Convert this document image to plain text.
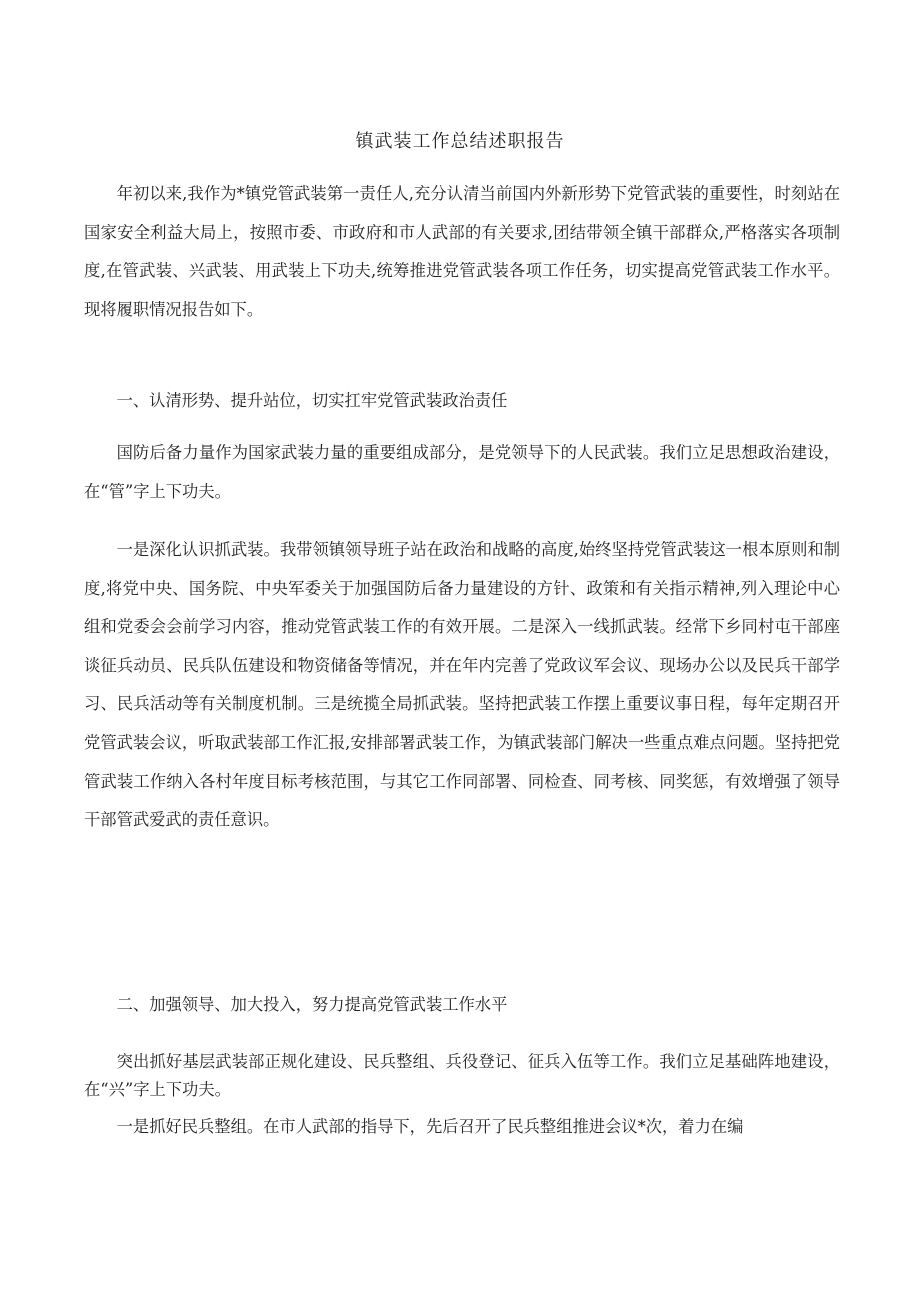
镇武装工作总结述职报告

年初以来,我作为*镇党管武装第一责任人,充分认清当前国内外新形势下党管武装的重要性，时刻站在国家安全利益大局上，按照市委、市政府和市人武部的有关要求,团结带领全镇干部群众,严格落实各项制度,在管武装、兴武装、用武装上下功夫,统筹推进党管武装各项工作任务，切实提高党管武装工作水平。现将履职情况报告如下。

一、认清形势、提升站位，切实扛牢党管武装政治责任

国防后备力量作为国家武装力量的重要组成部分，是党领导下的人民武装。我们立足思想政治建设，在“管”字上下功夫。

一是深化认识抓武装。我带领镇领导班子站在政治和战略的高度,始终坚持党管武装这一根本原则和制度,将党中央、国务院、中央军委关于加强国防后备力量建设的方针、政策和有关指示精神,列入理论中心组和党委会会前学习内容，推动党管武装工作的有效开展。二是深入一线抓武装。经常下乡同村屯干部座谈征兵动员、民兵队伍建设和物资储备等情况，并在年内完善了党政议军会议、现场办公以及民兵干部学习、民兵活动等有关制度机制。三是统揽全局抓武装。坚持把武装工作摆上重要议事日程，每年定期召开党管武装会议，听取武装部工作汇报,安排部署武装工作，为镇武装部门解决一些重点难点问题。坚持把党管武装工作纳入各村年度目标考核范围，与其它工作同部署、同检查、同考核、同奖惩，有效增强了领导干部管武爱武的责任意识。

二、加强领导、加大投入，努力提高党管武装工作水平

突出抓好基层武装部正规化建设、民兵整组、兵役登记、征兵入伍等工作。我们立足基础阵地建设，在“兴”字上下功夫。

一是抓好民兵整组。在市人武部的指导下，先后召开了民兵整组推进会议*次，着力在编
